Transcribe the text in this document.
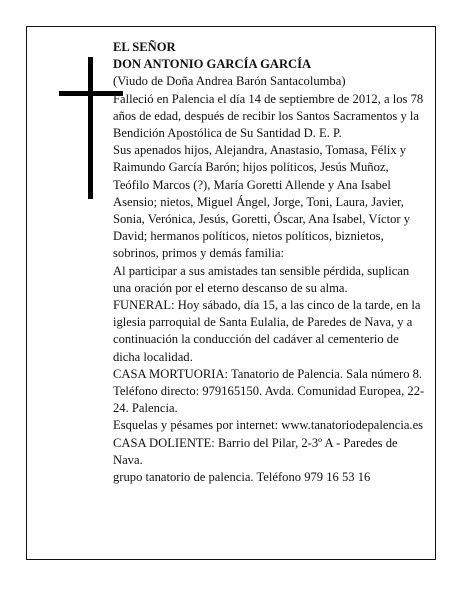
EL SEÑOR

DON ANTONIO GARCÍA GARCÍA

(Viudo de Doña Andrea Barón Santacolumba)

Falleció en Palencia el día 14 de septiembre de 2012, a los 78 años de edad, después de recibir los Santos Sacramentos y la Bendición Apostólica de Su Santidad D. E. P.

Sus apenados hijos, Alejandra, Anastasio, Tomasa, Félix y Raimundo García Barón; hijos políticos, Jesús Muñoz, Teófilo Marcos (?), María Goretti Allende y Ana Isabel Asensio; nietos, Miguel Ángel, Jorge, Toni, Laura, Javier, Sonia, Verónica, Jesús, Goretti, Óscar, Ana Isabel, Víctor y David; hermanos políticos, nietos políticos, biznietos, sobrinos, primos y demás familia:

Al participar a sus amistades tan sensible pérdida, suplican una oración por el eterno descanso de su alma.

FUNERAL: Hoy sábado, día 15, a las cinco de la tarde, en la iglesia parroquial de Santa Eulalia, de Paredes de Nava, y a continuación la conducción del cadáver al cementerio de dicha localidad.

CASA MORTUORIA: Tanatorio de Palencia. Sala número 8. Teléfono directo: 979165150. Avda. Comunidad Europea, 22-24. Palencia.

Esquelas y pésames por internet: www.tanatoriodepalencia.es

CASA DOLIENTE: Barrio del Pilar, 2-3º A - Paredes de Nava.

grupo tanatorio de palencia. Teléfono 979 16 53 16
